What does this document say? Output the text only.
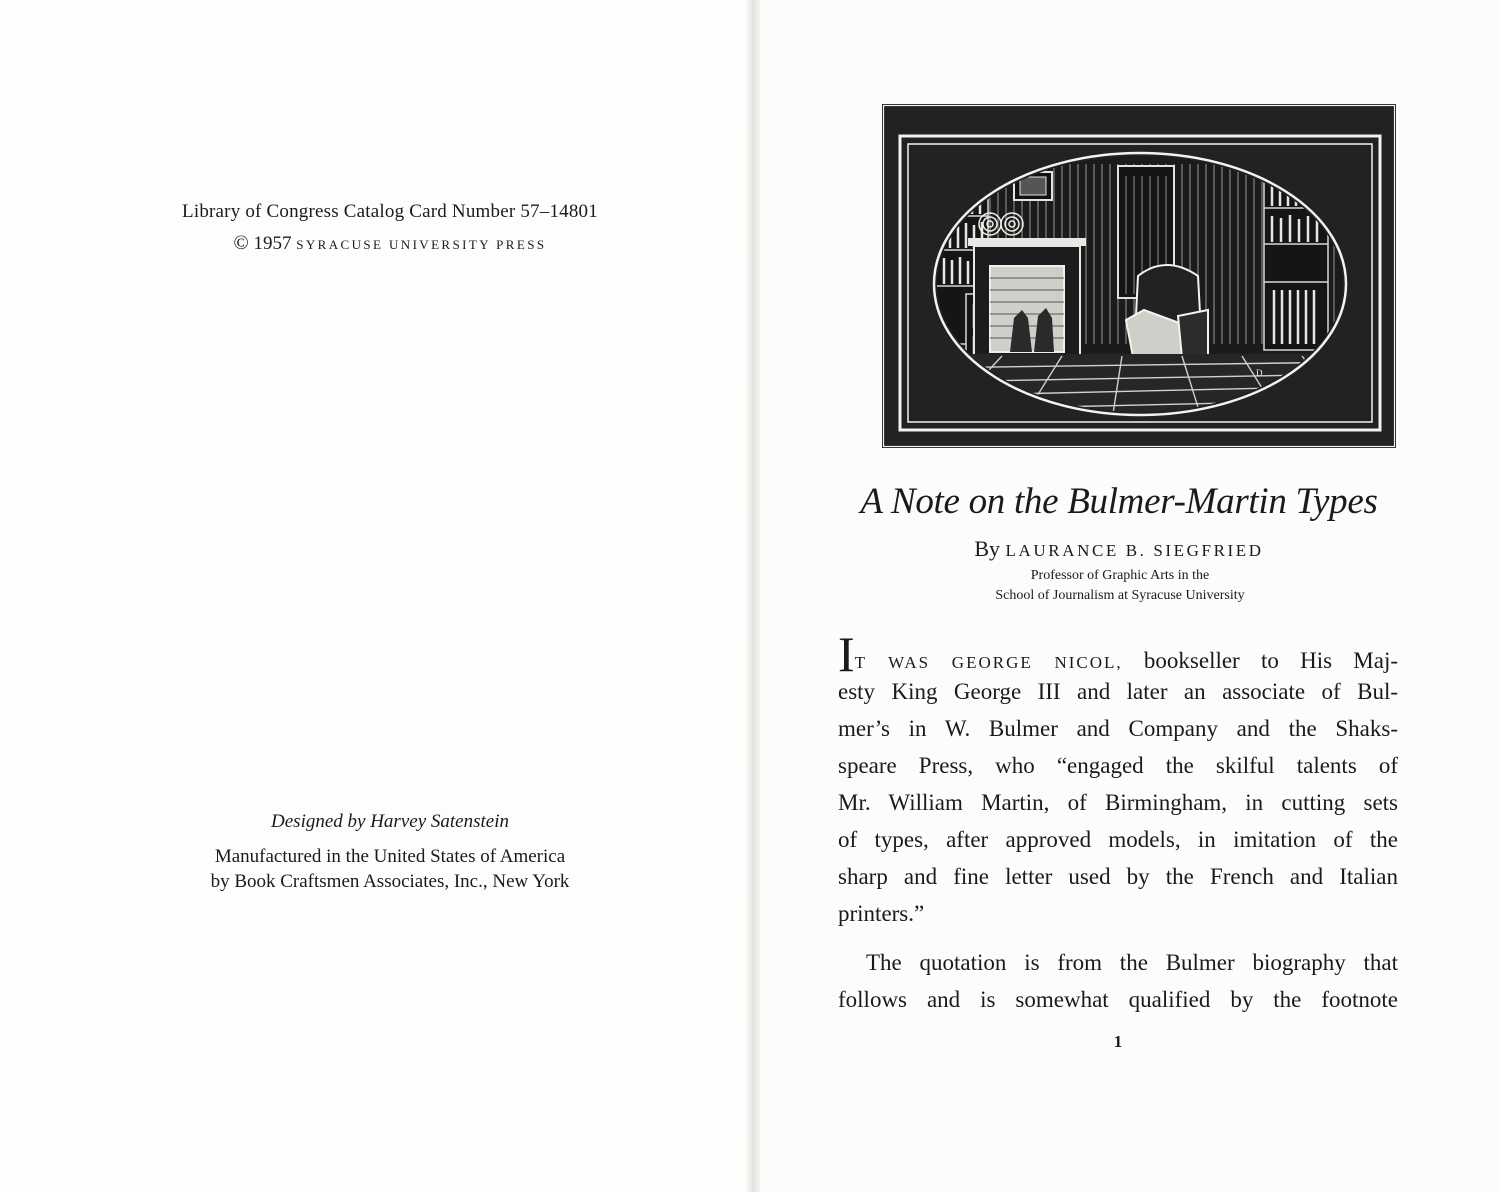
Library of Congress Catalog Card Number 57–14801
© 1957 SYRACUSE UNIVERSITY PRESS
Designed by Harvey Satenstein
Manufactured in the United States of America
by Book Craftsmen Associates, Inc., New York
D
A Note on the Bulmer-Martin Types
By LAURANCE B. SIEGFRIED
Professor of Graphic Arts in the
School of Journalism at Syracuse University
IT WAS GEORGE NICOL, bookseller to His Maj-
esty King George III and later an associate of Bul-
mer’s in W. Bulmer and Company and the Shaks-
speare Press, who “engaged the skilful talents of
Mr. William Martin, of Birmingham, in cutting sets
of types, after approved models, in imitation of the
sharp and fine letter used by the French and Italian
printers.”
The quotation is from the Bulmer biography that
follows and is somewhat qualified by the footnote
1
